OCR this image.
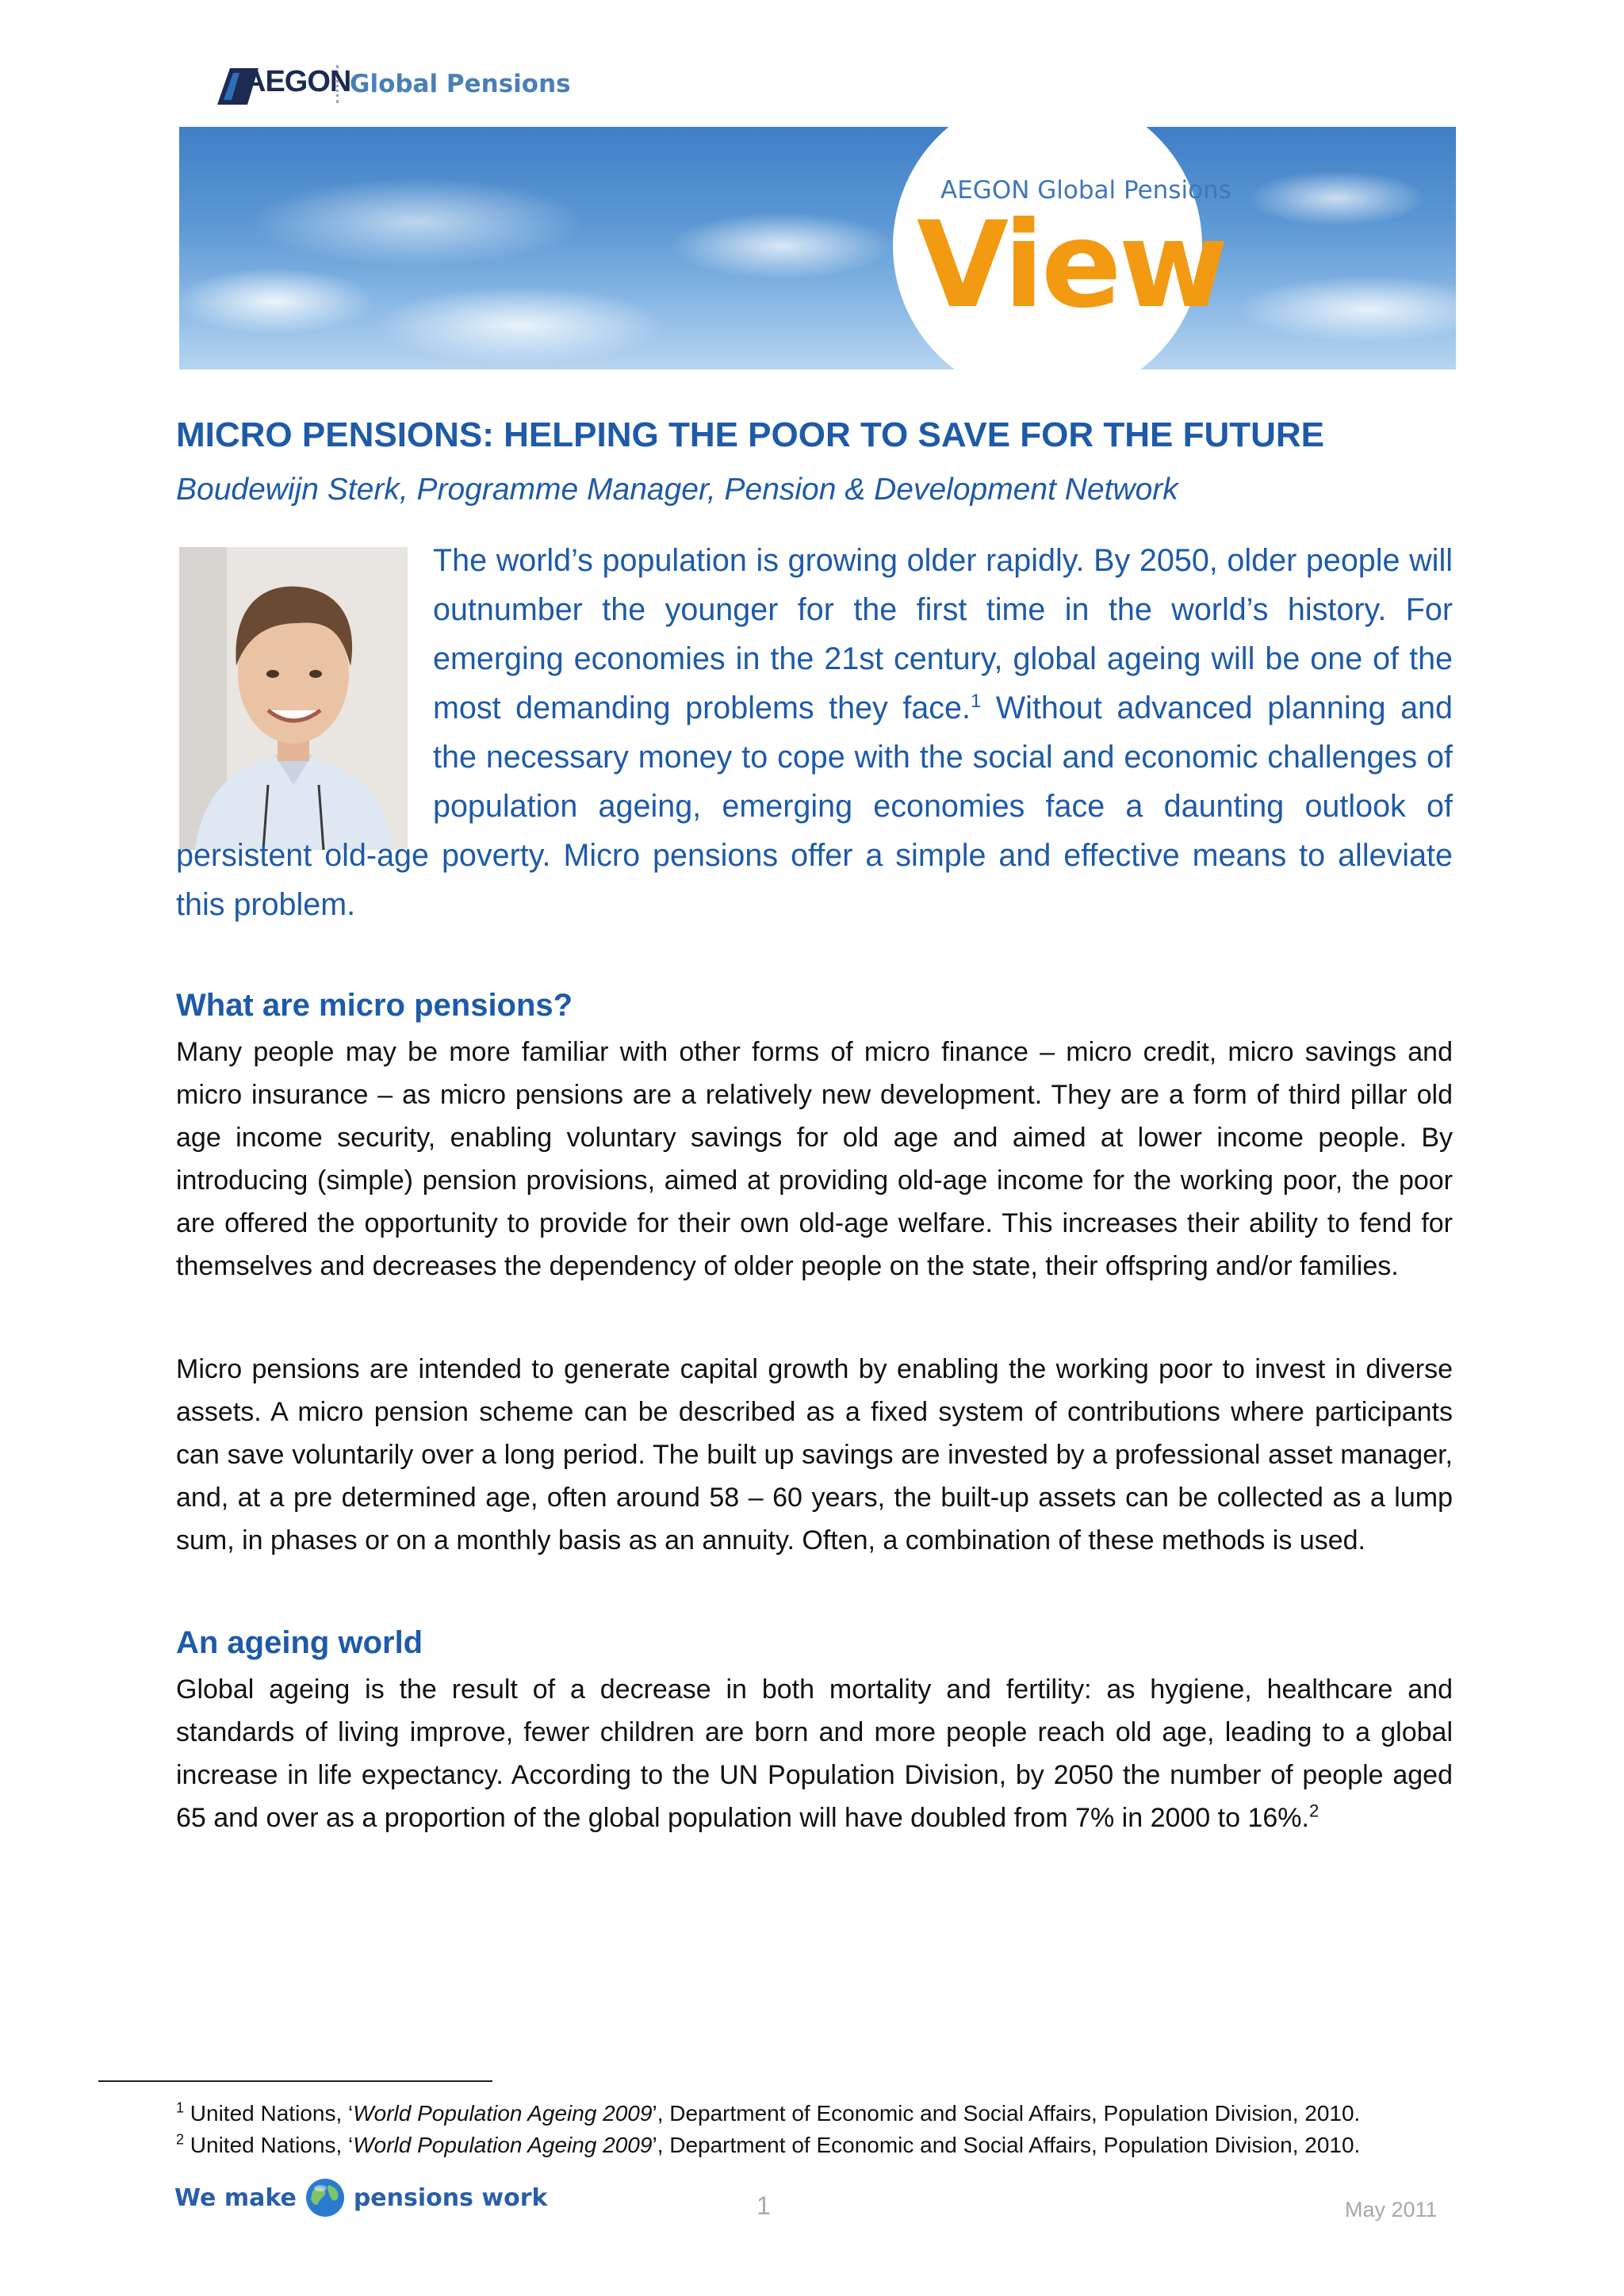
AEGON
Global Pensions
AEGON Global Pensions
View
MICRO PENSIONS: HELPING THE POOR TO SAVE FOR THE FUTURE
Boudewijn Sterk, Programme Manager, Pension & Development Network

The world’s population is growing older rapidly. By 2050, older people will outnumber the younger for the first time in the world’s history. For emerging economies in the 21st century, global ageing will be one of the most demanding problems they face.$^1$ Without advanced planning and the necessary money to cope with the social and economic challenges of population ageing, emerging economies face a daunting outlook of persistent old-age poverty. Micro pensions offer a simple and effective means to alleviate this problem.

What are micro pensions?

Many people may be more familiar with other forms of micro finance – micro credit, micro savings and micro insurance – as micro pensions are a relatively new development. They are a form of third pillar old age income security, enabling voluntary savings for old age and aimed at lower income people. By introducing (simple) pension provisions, aimed at providing old-age income for the working poor, the poor are offered the opportunity to provide for their own old-age welfare. This increases their ability to fend for themselves and decreases the dependency of older people on the state, their offspring and/or families.

Micro pensions are intended to generate capital growth by enabling the working poor to invest in diverse assets. A micro pension scheme can be described as a fixed system of contributions where participants can save voluntarily over a long period. The built up savings are invested by a professional asset manager, and, at a pre determined age, often around 58 – 60 years, the built-up assets can be collected as a lump sum, in phases or on a monthly basis as an annuity. Often, a combination of these methods is used.

An ageing world

Global ageing is the result of a decrease in both mortality and fertility: as hygiene, healthcare and standards of living improve, fewer children are born and more people reach old age, leading to a global increase in life expectancy. According to the UN Population Division, by 2050 the number of people aged 65 and over as a proportion of the global population will have doubled from 7% in 2000 to 16%.$^2$

$^1$ United Nations, ‘World Population Ageing 2009’, Department of Economic and Social Affairs, Population Division, 2010.
$^2$ United Nations, ‘World Population Ageing 2009’, Department of Economic and Social Affairs, Population Division, 2010.
We make pensions work	1	May 2011
